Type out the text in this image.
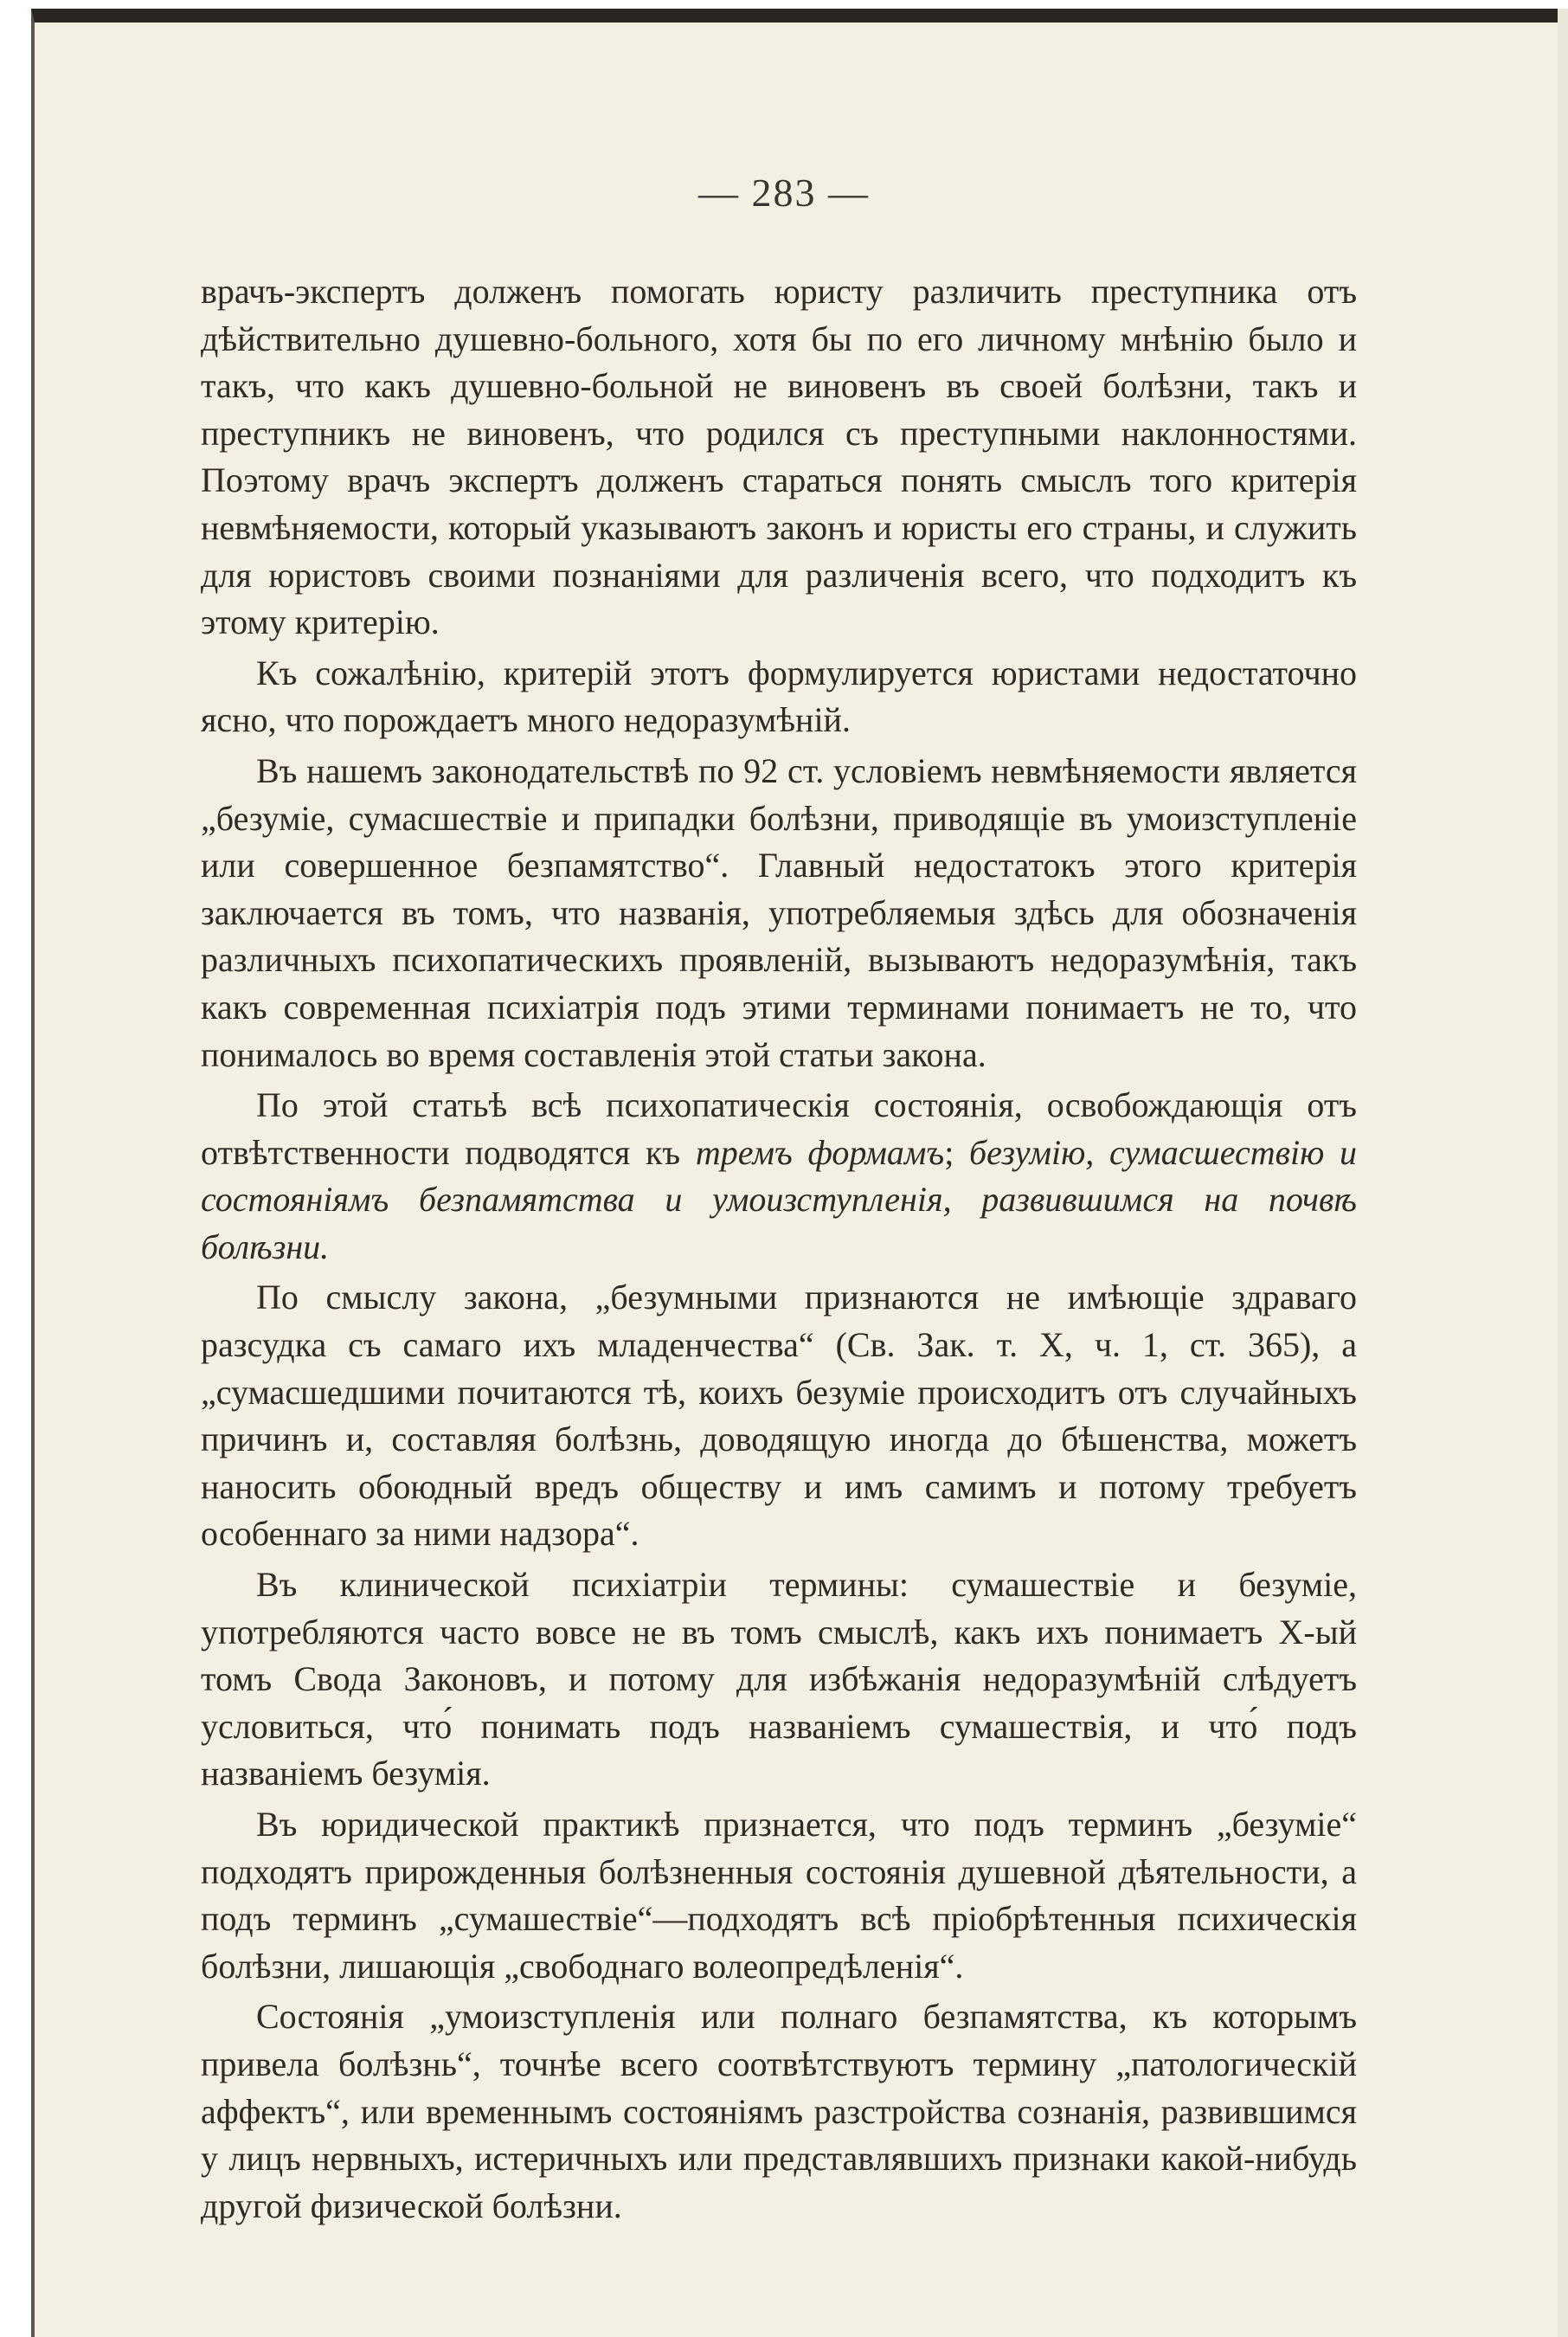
— 283 —

врачъ-экспертъ долженъ помогать юристу различить преступника отъ дѣйствительно душевно-больного, хотя бы по его личному мнѣнію было и такъ, что какъ душевно-больной не виновенъ въ своей болѣзни, такъ и преступникъ не виновенъ, что родился съ преступными наклонностями. Поэтому врачъ экспертъ долженъ стараться понять смыслъ того критерія невмѣняемости, который указываютъ законъ и юристы его страны, и служить для юристовъ своими познаніями для различенія всего, что подходитъ къ этому критерію.

Къ сожалѣнію, критерій этотъ формулируется юристами недостаточно ясно, что порождаетъ много недоразумѣній.

Въ нашемъ законодательствѣ по 92 ст. условіемъ невмѣняемости является „безуміе, сумасшествіе и припадки болѣзни, приводящіе въ умоизступленіе или совершенное безпамятство“. Главный недостатокъ этого критерія заключается въ томъ, что названія, употребляемыя здѣсь для обозначенія различныхъ психопатическихъ проявленій, вызываютъ недоразумѣнія, такъ какъ современная психіатрія подъ этими терминами понимаетъ не то, что понималось во время составленія этой статьи закона.

По этой статьѣ всѣ психопатическія состоянія, освобождающія отъ отвѣтственности подводятся къ тремъ формамъ; безумію, сумасшествію и состояніямъ безпамятства и умоизступленія, развившимся на почвѣ болѣзни.

По смыслу закона, „безумными признаются не имѣющіе здраваго разсудка съ самаго ихъ младенчества“ (Св. Зак. т. X, ч. 1, ст. 365), а „сумасшедшими почитаются тѣ, коихъ безуміе происходитъ отъ случайныхъ причинъ и, составляя болѣзнь, доводящую иногда до бѣшенства, можетъ наносить обоюдный вредъ обществу и имъ самимъ и потому требуетъ особеннаго за ними надзора“.

Въ клинической психіатріи термины: сумашествіе и безуміе, употребляются часто вовсе не въ томъ смыслѣ, какъ ихъ понимаетъ X-ый томъ Свода Законовъ, и потому для избѣжанія недоразумѣній слѣдуетъ условиться, что́ понимать подъ названіемъ сумашествія, и что́ подъ названіемъ безумія.

Въ юридической практикѣ признается, что подъ терминъ „безуміе“ подходятъ прирожденныя болѣзненныя состоянія душевной дѣятельности, а подъ терминъ „сумашествіе“—подходятъ всѣ пріобрѣтенныя психическія болѣзни, лишающія „свободнаго волеопредѣленія“.

Состоянія „умоизступленія или полнаго безпамятства, къ которымъ привела болѣзнь“, точнѣе всего соотвѣтствуютъ термину „патологическій аффектъ“, или временнымъ состояніямъ разстройства сознанія, развившимся у лицъ нервныхъ, истеричныхъ или представлявшихъ признаки какой-нибудь другой физической болѣзни.
